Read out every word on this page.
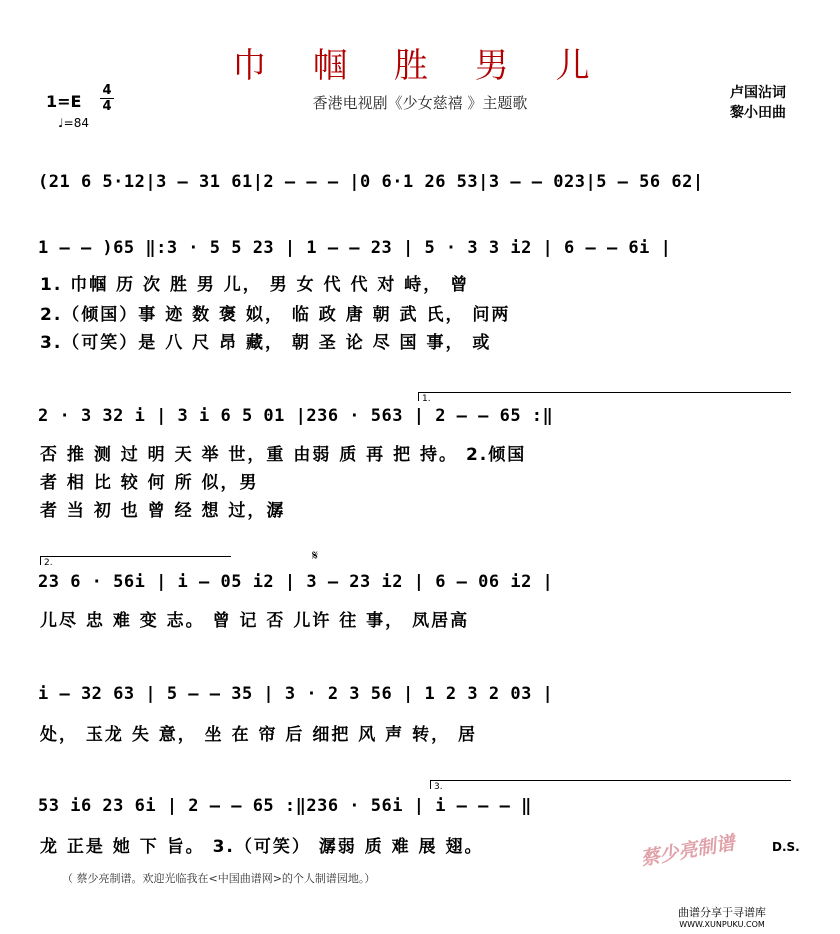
巾 帼 胜 男 儿
香港电视剧《少女慈禧 》主题歌
1=E
4
4
♩=84
卢国沾词
黎小田曲
(21 6 5·12|3 — 31 61|2 — — — |0 6·1 26 53|3 — — 023|5 — 56 62|
1 — — )65 ‖:3 · 5 5 23 | 1 — — 23 | 5 · 3 3 i2 | 6 — — 6i |
1. 巾帼 历 次 胜 男 儿， 男 女 代 代 对 峙， 曾
2.（倾国）事 迹 数 褒 姒， 临 政 唐 朝 武 氏， 问两
3.（可笑）是 八 尺 昂 藏， 朝 圣 论 尽 国 事， 或
1.
2 · 3 32 i | 3 i 6 5 01 |236 · 563 | 2 — — 65 :‖
否 推 测 过 明 天 举 世，重 由弱 质 再 把 持。 2.倾国
者 相 比 较 何 所 似，男
者 当 初 也 曾 经 想 过，潺
2.	𝄋
23 6 · 56i | i — 05 i2 | 3 — 23 i2 | 6 — 06 i2 |
儿尽 忠 难 变 志。 曾 记 否 儿许 往 事， 凤居高
i — 32 63 | 5 — — 35 | 3 · 2 3 56 | 1 2 3 2 03 |
处， 玉龙 失 意， 坐 在 帘 后 细把 风 声 转， 居
3.
53 i6 23 6i | 2 — — 65 :‖236 · 56i | i — — — ‖
龙 正是 她 下 旨。 3.（可笑） 潺弱 质 难 展 翅。	蔡少亮制谱	D.S.
（ 蔡少亮制谱。欢迎光临我在<中国曲谱网>的个人制谱园地。）
曲谱分享于寻谱库
WWW.XUNPUKU.COM
